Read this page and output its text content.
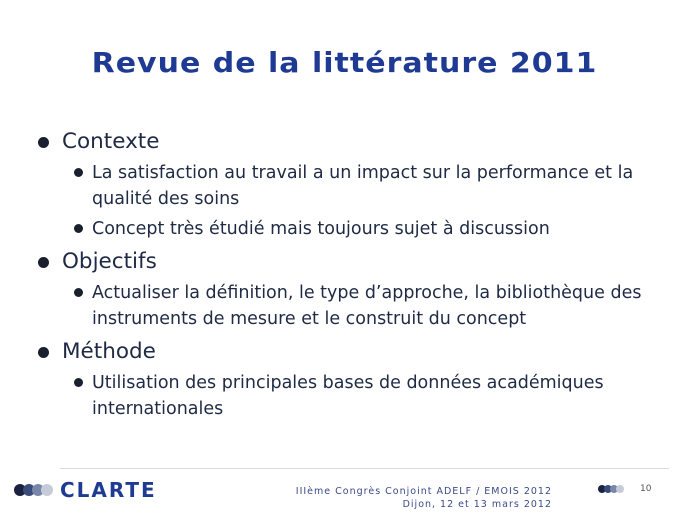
Revue de la littérature 2011
Contexte
La satisfaction au travail a un impact sur la performance et la qualité des soins
Concept très étudié mais toujours sujet à discussion
Objectifs
Actualiser la définition, le type d’approche, la bibliothèque des instruments de mesure et le construit du concept
Méthode
Utilisation des principales bases de données académiques internationales
CLARTE	IIIème Congrès Conjoint ADELF / EMOIS 2012
Dijon, 12 et 13 mars 2012
10
